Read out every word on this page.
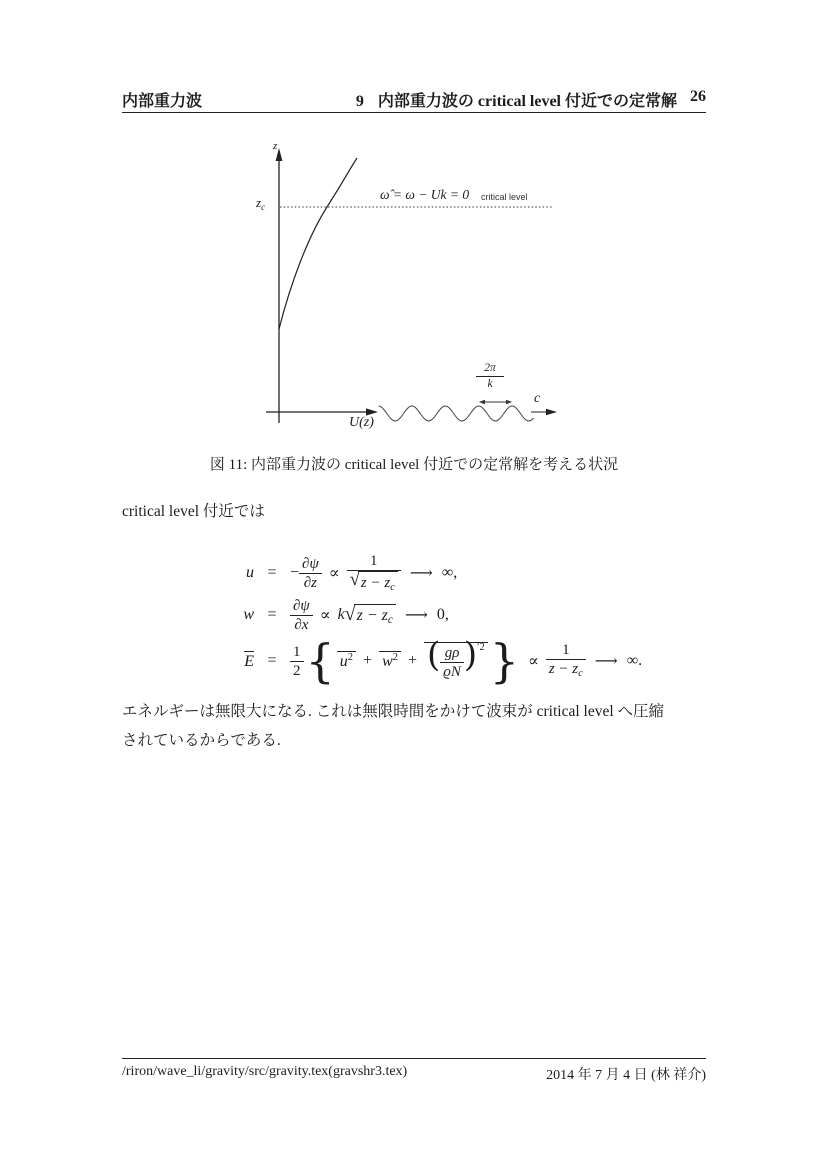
内部重力波	9 内部重力波の critical level 付近での定常解 26
z
$z_c$
ω̂ = ω − Uk = 0 critical level
U(z)
$\frac{2\pi}{k}$
c
図 11: 内部重力波の critical level 付近での定常解を考える状況
critical level 付近では
u = − $\frac{\partial\psi}{\partial z} \propto \frac{1}{√ z - z_c}$ ⟶ ∞,
$w = \frac{\partial\psi}{\partial x} \propto k$ √ $z - z_c$ ⟶ 0,
$E = \frac{1}{2}$ { $u^2 + w^2$ + ( $\frac{g\rho}{ϱN} )^{'2}$ } ∝ $\frac{1}{z - z_c}$ ⟶ ∞.
エネルギーは無限大になる. これは無限時間をかけて波束が critical level へ圧縮
されているからである.
/riron/wave_li/gravity/src/gravity.tex(gravshr3.tex)	2014 年 7 月 4 日 (林 祥介)
